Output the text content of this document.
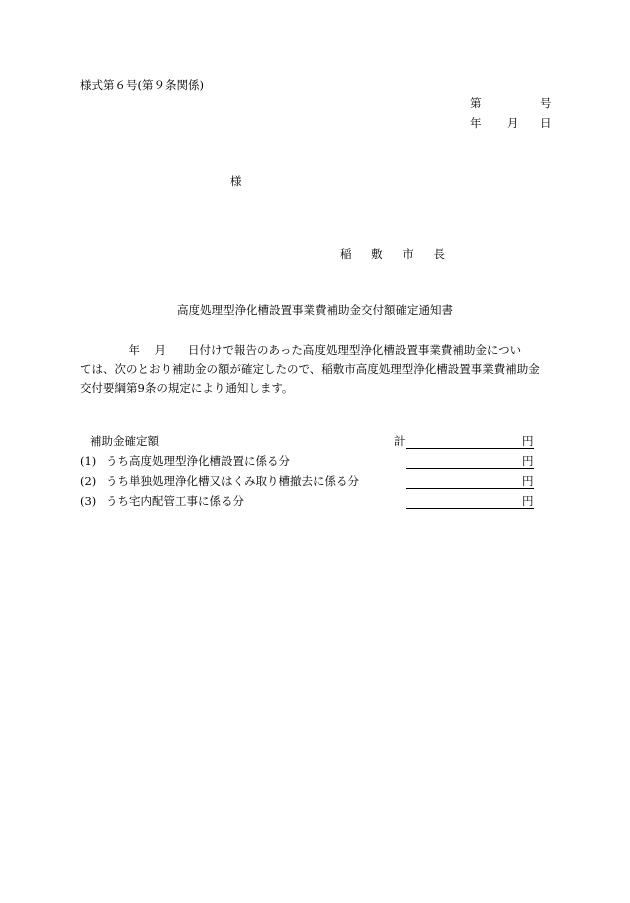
様式第６号(第９条関係)
第	号
年 月 日
様
稲 敷 市 長
高度処理型浄化槽設置事業費補助金交付額確定通知書
年 月 日付けで報告のあった高度処理型浄化槽設置事業費補助金につい
ては、次のとおり補助金の額が確定したので、稲敷市高度処理型浄化槽設置事業費補助金
交付要綱第9条の規定により通知します。
補助金確定額	計	円
(1) うち高度処理型浄化槽設置に係る分	円
(2) うち単独処理浄化槽又はくみ取り槽撤去に係る分	円
(3) うち宅内配管工事に係る分	円
